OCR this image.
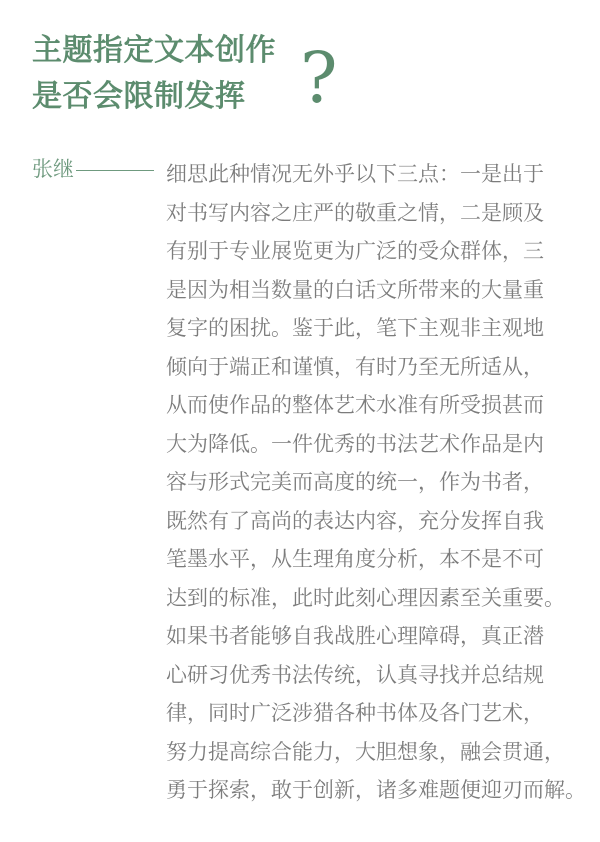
主题指定文本创作
是否会限制发挥 ?
张继	细思此种情况无外乎以下三点：一是出于
对书写内容之庄严的敬重之情，二是顾及
有别于专业展览更为广泛的受众群体，三
是因为相当数量的白话文所带来的大量重
复字的困扰。鉴于此，笔下主观非主观地
倾向于端正和谨慎，有时乃至无所适从，
从而使作品的整体艺术水准有所受损甚而
大为降低。一件优秀的书法艺术作品是内
容与形式完美而高度的统一，作为书者，
既然有了高尚的表达内容，充分发挥自我
笔墨水平，从生理角度分析，本不是不可
达到的标准，此时此刻心理因素至关重要。
如果书者能够自我战胜心理障碍，真正潜
心研习优秀书法传统，认真寻找并总结规
律，同时广泛涉猎各种书体及各门艺术，
努力提高综合能力，大胆想象，融会贯通，
勇于探索，敢于创新，诸多难题便迎刃而解。
